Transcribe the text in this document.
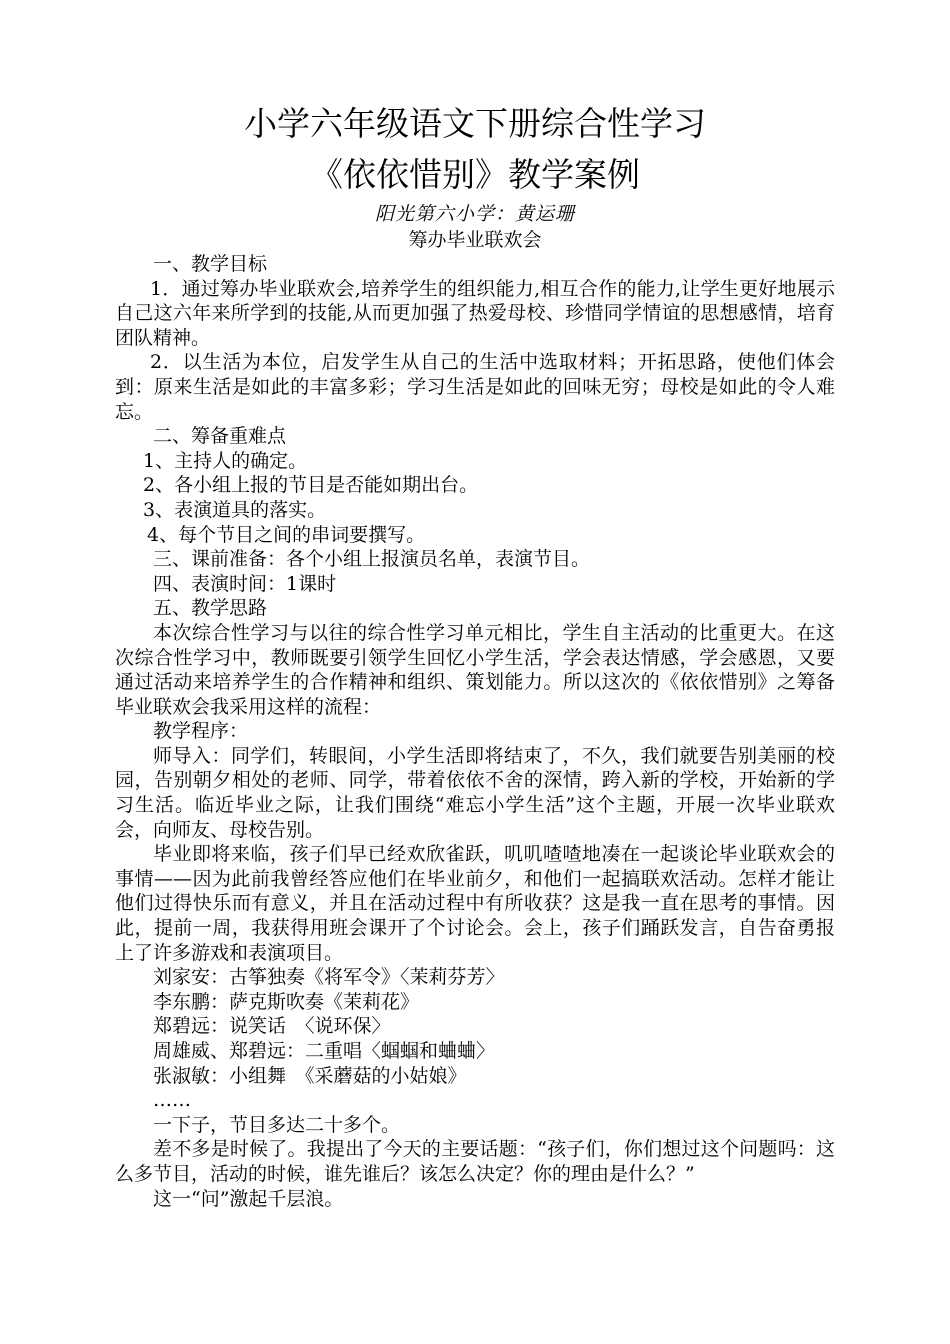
小学六年级语文下册综合性学习
《依依惜别》教学案例
阳光第六小学：黄运珊
筹办毕业联欢会

一、教学目标

1．通过筹办毕业联欢会,培养学生的组织能力,相互合作的能力,让学生更好地展示自己这六年来所学到的技能,从而更加强了热爱母校、珍惜同学情谊的思想感情，培育团队精神。

2．以生活为本位，启发学生从自己的生活中选取材料；开拓思路，使他们体会到：原来生活是如此的丰富多彩；学习生活是如此的回味无穷；母校是如此的令人难忘。

二、筹备重难点

1、主持人的确定。

2、各小组上报的节目是否能如期出台。

3、表演道具的落实。

4、每个节目之间的串词要撰写。

三、课前准备：各个小组上报演员名单，表演节目。

四、表演时间：1课时

五、教学思路

本次综合性学习与以往的综合性学习单元相比，学生自主活动的比重更大。在这次综合性学习中，教师既要引领学生回忆小学生活，学会表达情感，学会感恩，又要通过活动来培养学生的合作精神和组织、策划能力。所以这次的《依依惜别》之筹备毕业联欢会我采用这样的流程：

教学程序：

师导入：同学们，转眼间，小学生活即将结束了，不久，我们就要告别美丽的校园，告别朝夕相处的老师、同学，带着依依不舍的深情，跨入新的学校，开始新的学习生活。临近毕业之际，让我们围绕“难忘小学生活”这个主题，开展一次毕业联欢会，向师友、母校告别。

毕业即将来临，孩子们早已经欢欣雀跃，叽叽喳喳地凑在一起谈论毕业联欢会的事情——因为此前我曾经答应他们在毕业前夕，和他们一起搞联欢活动。怎样才能让他们过得快乐而有意义，并且在活动过程中有所收获？这是我一直在思考的事情。因此，提前一周，我获得用班会课开了个讨论会。会上，孩子们踊跃发言，自告奋勇报上了许多游戏和表演项目。

刘家安：古筝独奏《将军令》〈茉莉芬芳〉

李东鹏：萨克斯吹奏《茉莉花》

郑碧远：说笑话　〈说环保〉

周雄威、郑碧远：二重唱〈蝈蝈和蛐蛐〉

张淑敏：小组舞　《采蘑菇的小姑娘》

……

一下子，节目多达二十多个。

差不多是时候了。我提出了今天的主要话题：“孩子们，你们想过这个问题吗：这么多节目，活动的时候，谁先谁后？该怎么决定？你的理由是什么？”

这一“问”激起千层浪。
